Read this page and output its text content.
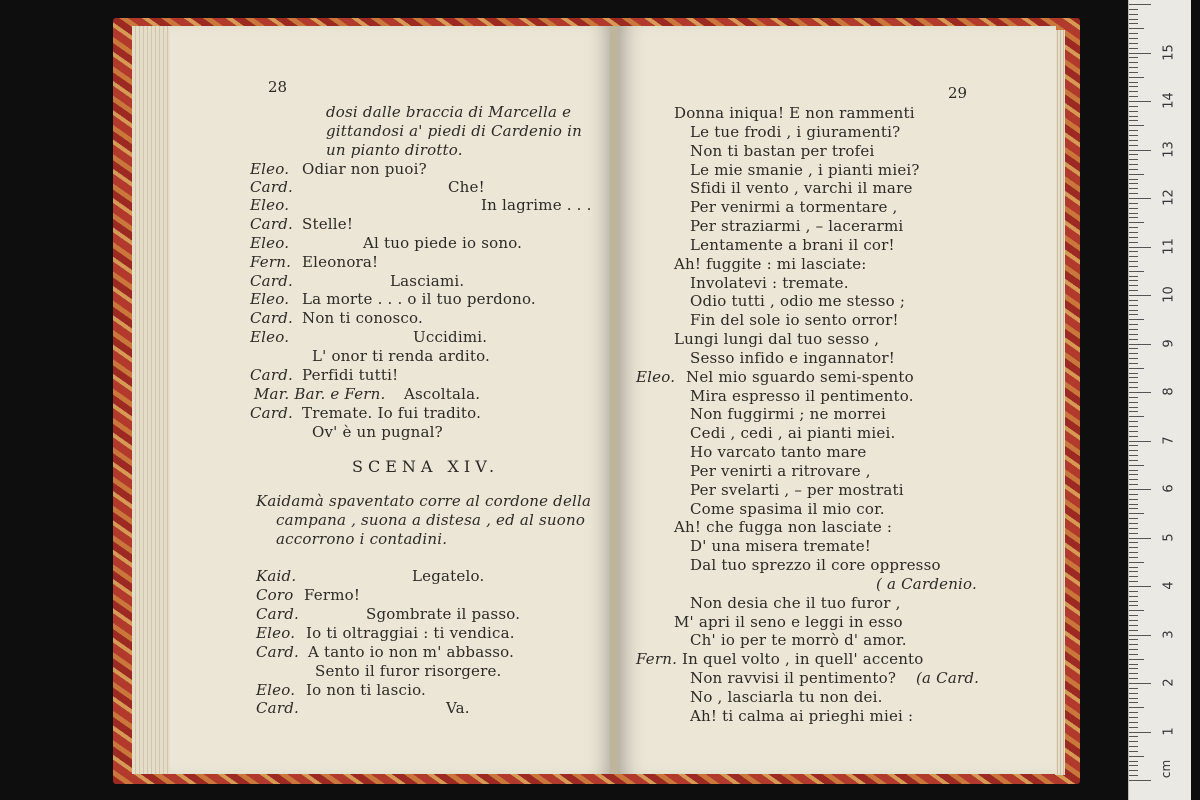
28
dosi dalle braccia di Marcella e
gittandosi a' piedi di Cardenio in
un pianto dirotto.
Eleo. Odiar non puoi?
Card.	Che!
Eleo.	In lagrime . . .
Card. Stelle!
Eleo.	Al tuo piede io sono.
Fern. Eleonora!
Card.	Lasciami.
Eleo. La morte . . . o il tuo perdono.
Card. Non ti conosco.
Eleo.	Uccidimi.
L' onor ti renda ardito.
Card. Perfidi tutti!
Mar. Bar. e Fern. Ascoltala.
Card. Tremate. Io fui tradito.
Ov' è un pugnal?
SCENA XIV.
Kaidamà spaventato corre al cordone della
campana , suona a distesa , ed al suono
accorrono i contadini.
Kaid.	Legatelo.
Coro Fermo!
Card.	Sgombrate il passo.
Eleo. Io ti oltraggiai : ti vendica.
Card. A tanto io non m' abbasso.
Sento il furor risorgere.
Eleo. Io non ti lascio.
Card.	Va.
29
Donna iniqua! E non rammenti
Le tue frodi , i giuramenti?
Non ti bastan per trofei
Le mie smanie , i pianti miei?
Sfidi il vento , varchi il mare
Per venirmi a tormentare ,
Per straziarmi , – lacerarmi
Lentamente a brani il cor!
Ah! fuggite : mi lasciate:
Involatevi : tremate.
Odio tutti , odio me stesso ;
Fin del sole io sento orror!
Lungi lungi dal tuo sesso ,
Sesso infido e ingannator!
Eleo. Nel mio sguardo semi-spento
Mira espresso il pentimento.
Non fuggirmi ; ne morrei
Cedi , cedi , ai pianti miei.
Ho varcato tanto mare
Per venirti a ritrovare ,
Per svelarti , – per mostrati
Come spasima il mio cor.
Ah! che fugga non lasciate :
D' una misera tremate!
Dal tuo sprezzo il core oppresso
( a Cardenio.
Non desia che il tuo furor ,
M' apri il seno e leggi in esso
Ch' io per te morrò d' amor.
Fern. In quel volto , in quell' accento
Non ravvisi il pentimento? (a Card.
No , lasciarla tu non dei.
Ah! ti calma ai prieghi miei :
cm
15
14
13
12
11
10
9
8
7
6
5
4
3
2
1
